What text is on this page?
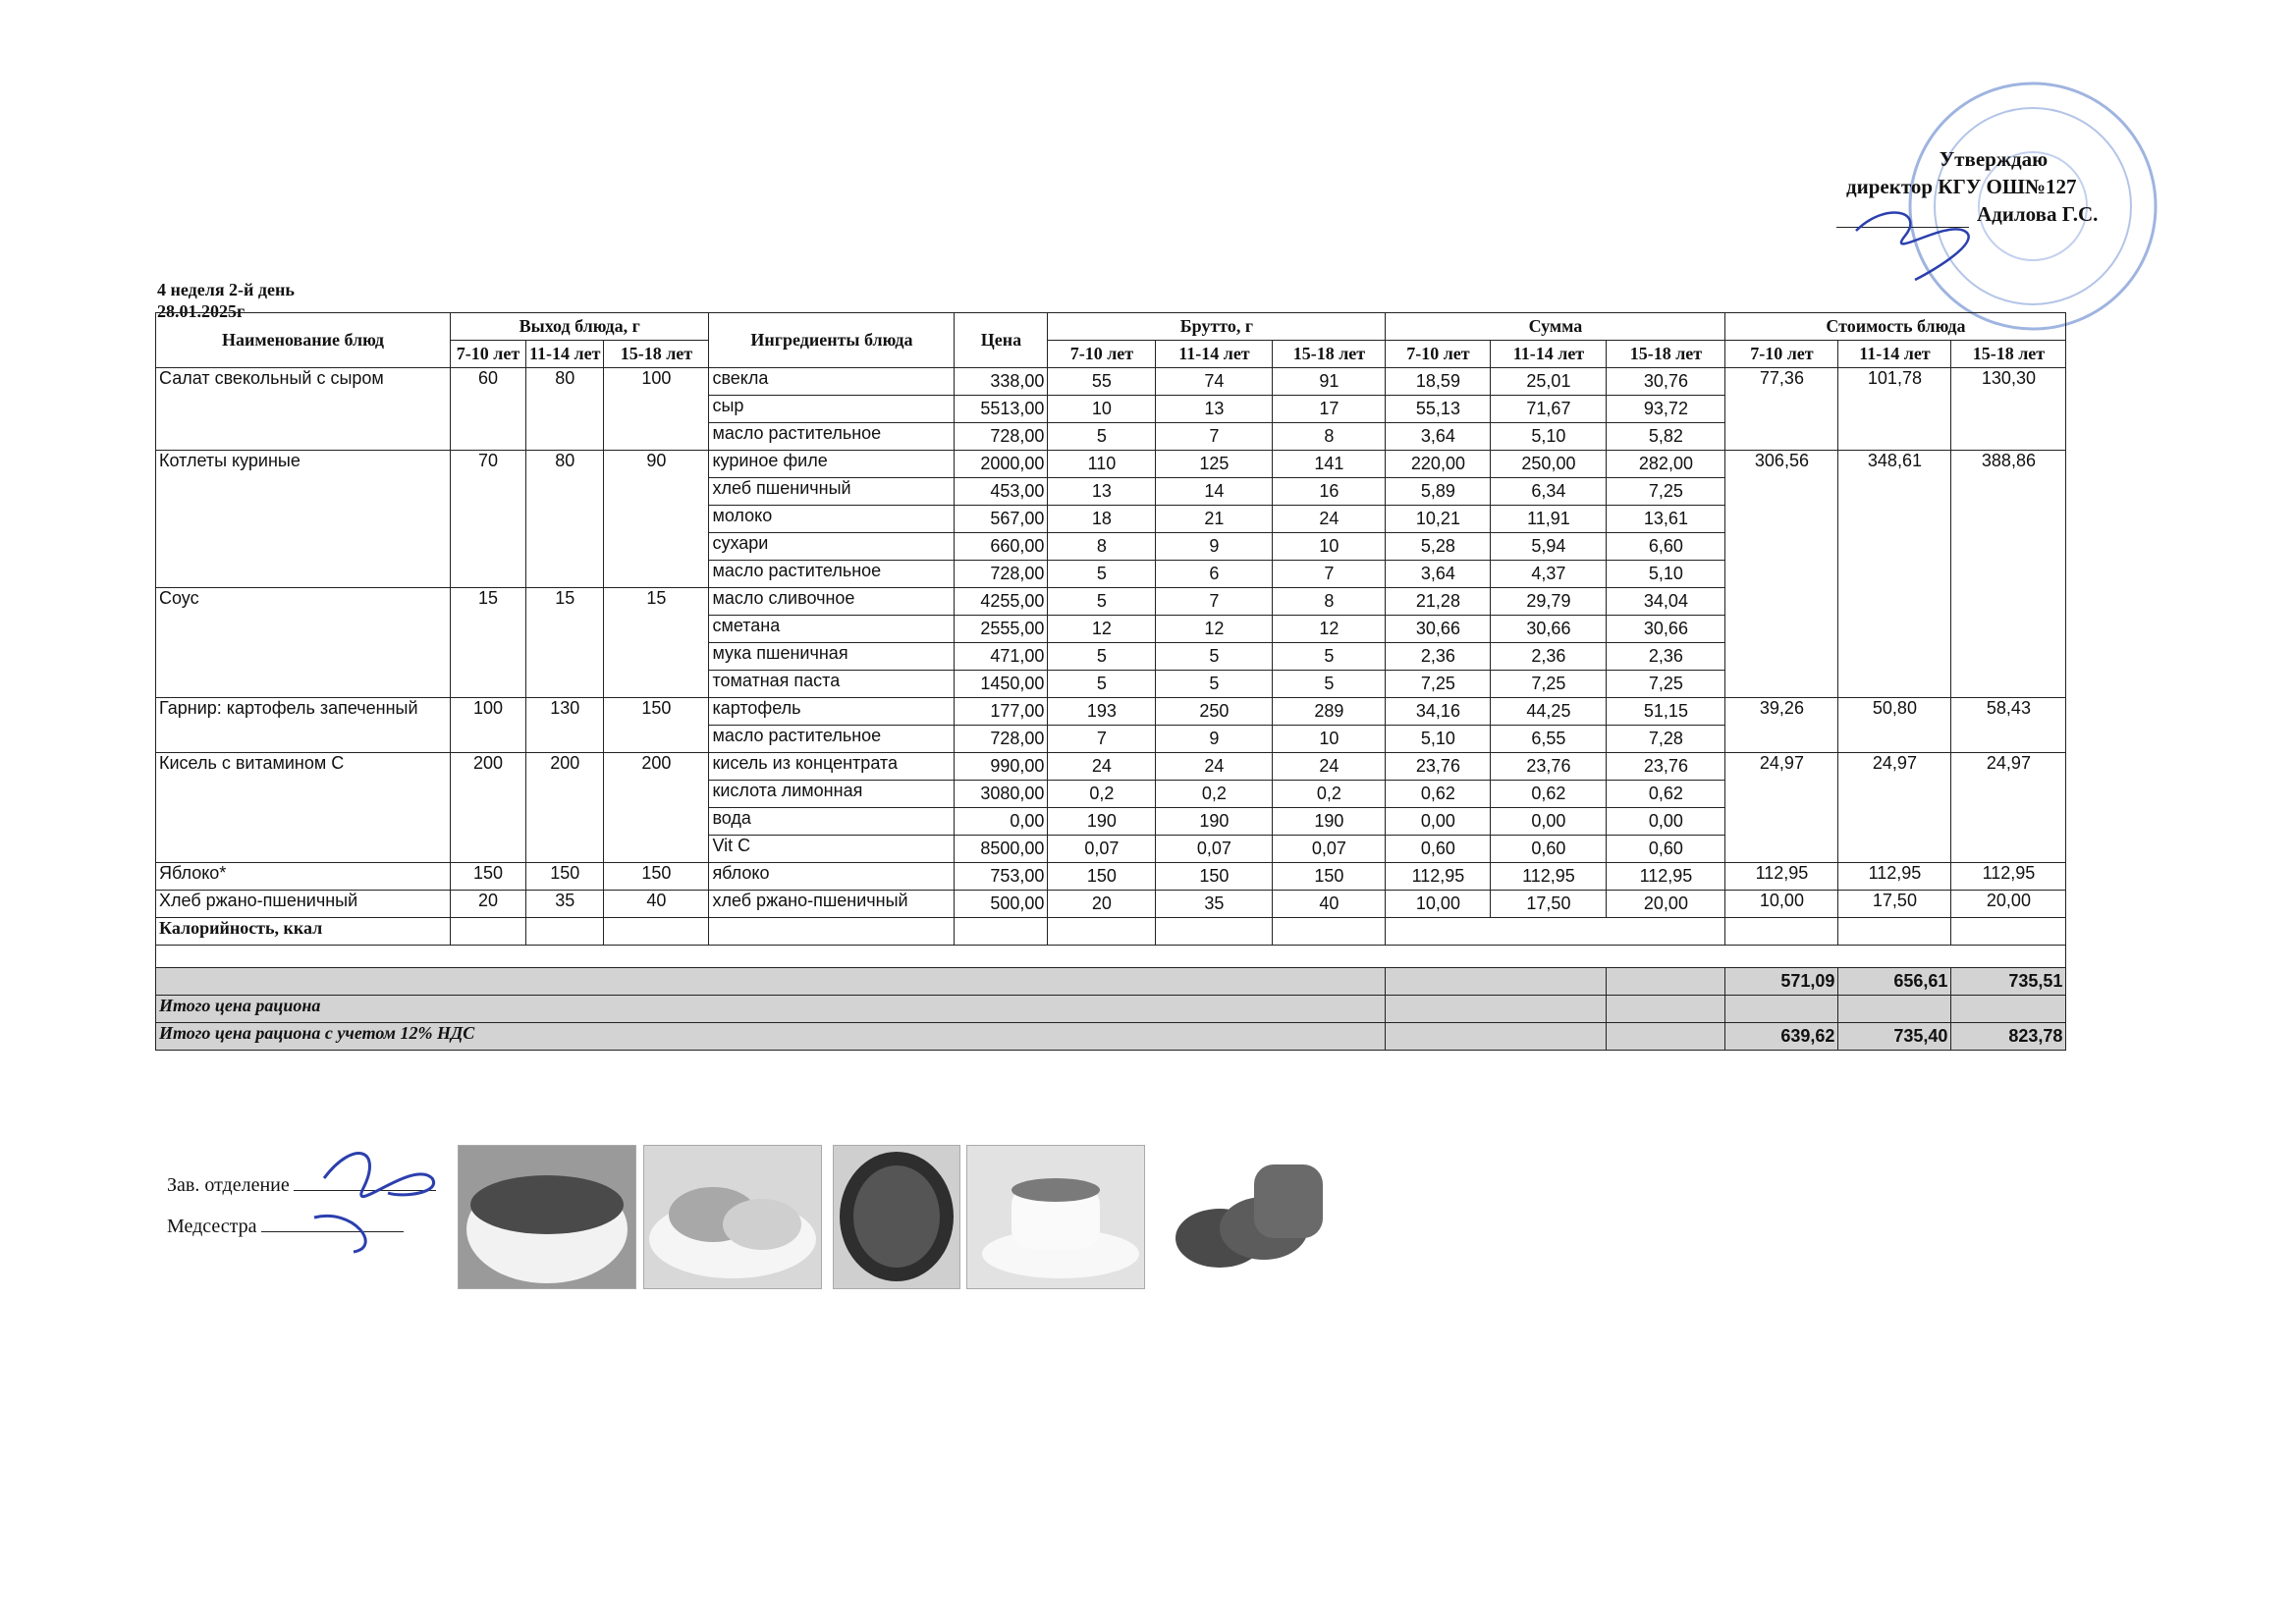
Утверждаю
директор КГУ ОШ№127
Адилова Г.С.
4 неделя 2-й день
28.01.2025г
Наименование блюд	Выход блюда, г			Ингредиенты блюда	Цена	Брутто, г			Сумма			Стоимость блюда		
	7-10 лет	11-14 лет	15-18 лет			7-10 лет	11-14 лет	15-18 лет	7-10 лет	11-14 лет	15-18 лет	7-10 лет	11-14 лет	15-18 лет
Салат свекольный с сыром	60	80	100	свекла	338,00	55	74	91	18,59	25,01	30,76	77,36	101,78	130,30
				сыр	5513,00	10	13	17	55,13	71,67	93,72			
				масло растительное	728,00	5	7	8	3,64	5,10	5,82			
Котлеты куриные	70	80	90	куриное филе	2000,00	110	125	141	220,00	250,00	282,00	306,56	348,61	388,86
				хлеб пшеничный	453,00	13	14	16	5,89	6,34	7,25			
				молоко	567,00	18	21	24	10,21	11,91	13,61			
				сухари	660,00	8	9	10	5,28	5,94	6,60			
				масло растительное	728,00	5	6	7	3,64	4,37	5,10			
Соус	15	15	15	масло сливочное	4255,00	5	7	8	21,28	29,79	34,04			
				сметана	2555,00	12	12	12	30,66	30,66	30,66			
				мука пшеничная	471,00	5	5	5	2,36	2,36	2,36			
				томатная паста	1450,00	5	5	5	7,25	7,25	7,25			
Гарнир: картофель запеченный	100	130	150	картофель	177,00	193	250	289	34,16	44,25	51,15	39,26	50,80	58,43
				масло растительное	728,00	7	9	10	5,10	6,55	7,28			
Кисель с витамином С	200	200	200	кисель из концентрата	990,00	24	24	24	23,76	23,76	23,76	24,97	24,97	24,97
				кислота лимонная	3080,00	0,2	0,2	0,2	0,62	0,62	0,62			
				вода	0,00	190	190	190	0,00	0,00	0,00			
				Vit C	8500,00	0,07	0,07	0,07	0,60	0,60	0,60			
Яблоко*	150	150	150	яблоко	753,00	150	150	150	112,95	112,95	112,95	112,95	112,95	112,95
Хлеб ржано-пшеничный	20	35	40	хлеб ржано-пшеничный	500,00	20	35	40	10,00	17,50	20,00	10,00	17,50	20,00
Калорийность, ккал														

												571,09	656,61	735,51
Итого цена рациона														
Итого цена рациона с учетом 12% НДС												639,62	735,40	823,78
Зав. отделение
Медсестра
